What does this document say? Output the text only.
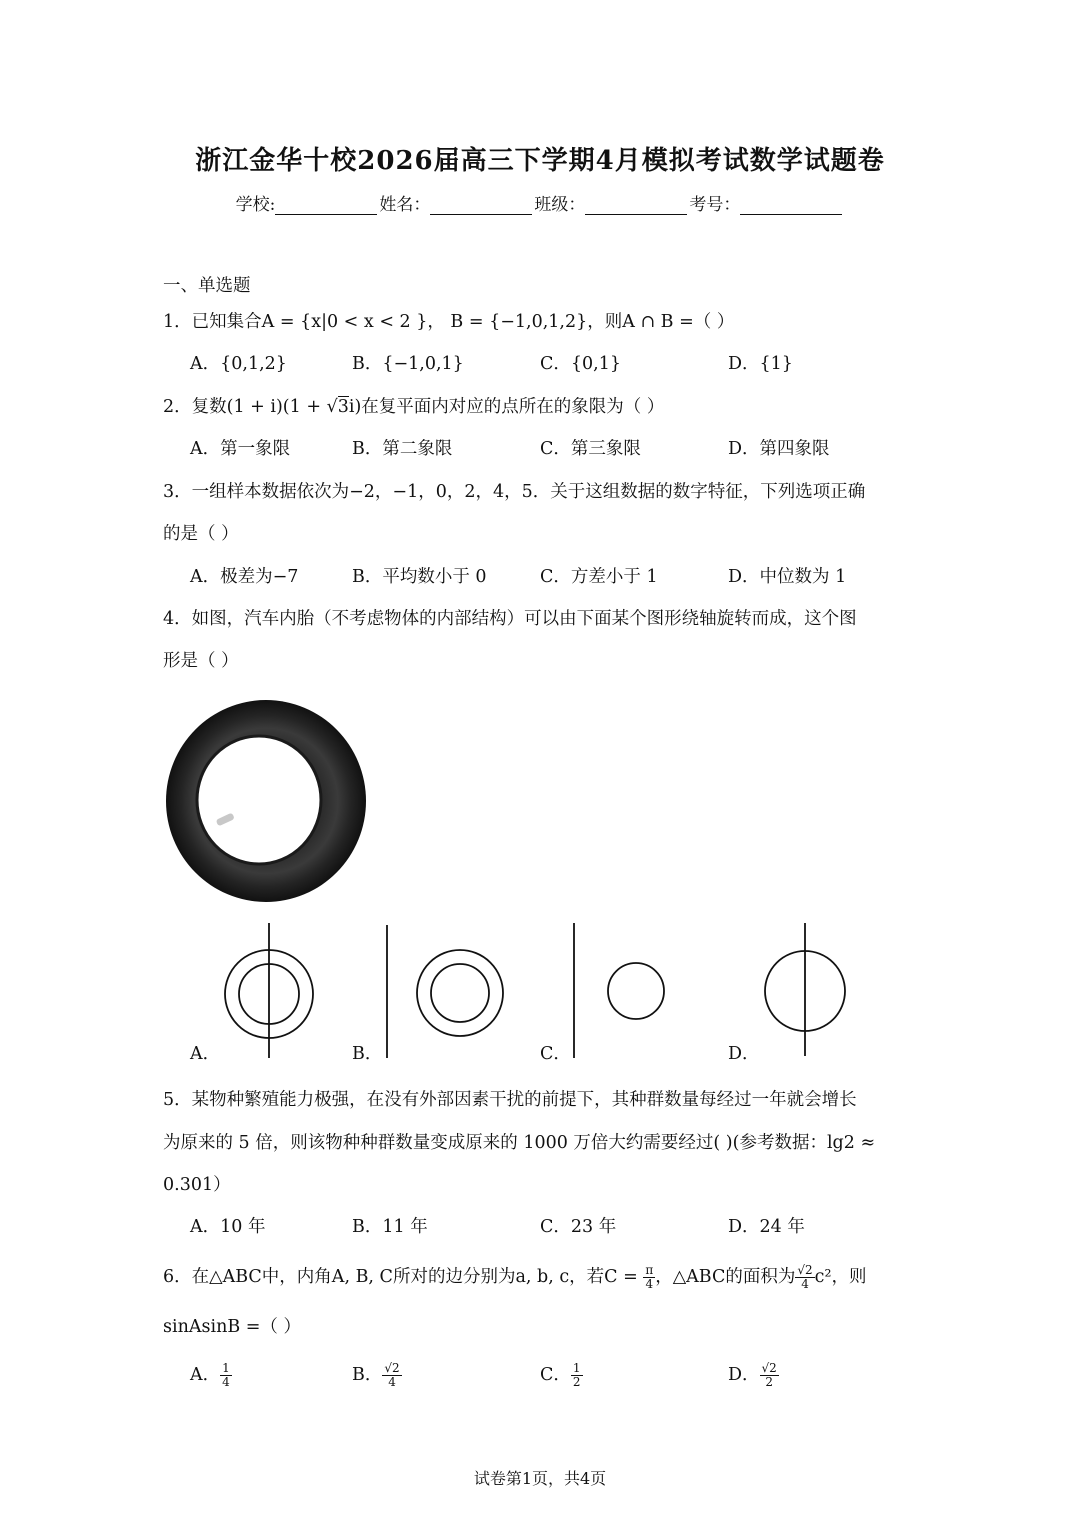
浙江金华十校2026届高三下学期4月模拟考试数学试题卷
学校:	姓名：	班级：	考号：
一、单选题
1．已知集合A = {x|0 < x < 2 }， B = {−1,0,1,2}，则A ∩ B =（ ）
A．{0,1,2}	B．{−1,0,1}	C．{0,1}	D．{1}
2．复数(1 + i)(1 + √3i)在复平面内对应的点所在的象限为（ ）
A．第一象限	B．第二象限	C．第三象限	D．第四象限
3．一组样本数据依次为−2，−1，0，2，4，5．关于这组数据的数字特征，下列选项正确
的是（ ）
A．极差为−7	B．平均数小于 0	C．方差小于 1	D．中位数为 1
4．如图，汽车内胎（不考虑物体的内部结构）可以由下面某个图形绕轴旋转而成，这个图
形是（ ）
A．	B．	C．	D．
5．某物种繁殖能力极强，在没有外部因素干扰的前提下，其种群数量每经过一年就会增长
为原来的 5 倍，则该物种种群数量变成原来的 1000 万倍大约需要经过( )(参考数据：lg2 ≈
0.301）
A．10 年	B．11 年	C．23 年	D．24 年
6．在△ABC中，内角A, B, C所对的边分别为a, b, c，若$C = \frac{\pi}{4}$ ，△ABC的面积为 $\frac{√2}{4} c^2$，则
sinAsinB =（ ）
A． $\frac{1}{4}$	B． $\frac{√2}{4}$	C． $\frac{1}{2}$	D． $\frac{√2}{2}$
试卷第1页，共4页
